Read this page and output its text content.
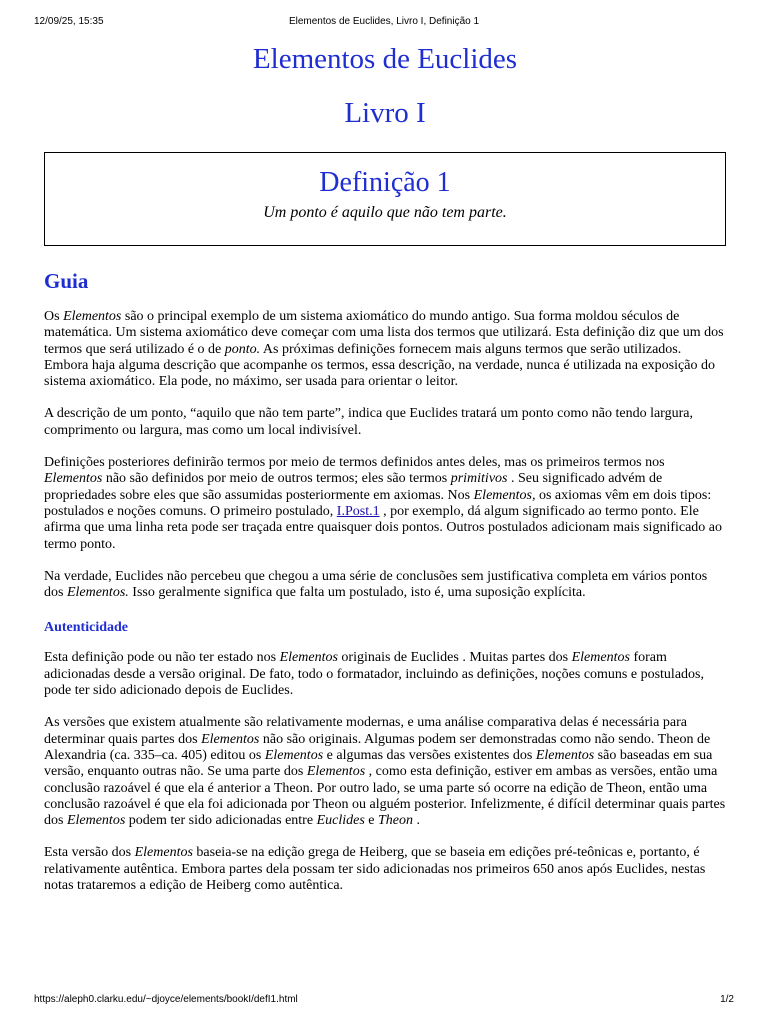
12/09/25, 15:35	Elementos de Euclides, Livro I, Definição 1
Elementos de Euclides
Livro I
Definição 1
Um ponto é aquilo que não tem parte.
Guia

Os Elementos são o principal exemplo de um sistema axiomático do mundo antigo. Sua forma moldou séculos de matemática. Um sistema axiomático deve começar com uma lista dos termos que utilizará. Esta definição diz que um dos termos que será utilizado é o de ponto. As próximas definições fornecem mais alguns termos que serão utilizados. Embora haja alguma descrição que acompanhe os termos, essa descrição, na verdade, nunca é utilizada na exposição do sistema axiomático. Ela pode, no máximo, ser usada para orientar o leitor.

A descrição de um ponto, “aquilo que não tem parte”, indica que Euclides tratará um ponto como não tendo largura, comprimento ou largura, mas como um local indivisível.

Definições posteriores definirão termos por meio de termos definidos antes deles, mas os primeiros termos nos Elementos não são definidos por meio de outros termos; eles são termos primitivos . Seu significado advém de propriedades sobre eles que são assumidas posteriormente em axiomas. Nos Elementos, os axiomas vêm em dois tipos: postulados e noções comuns. O primeiro postulado, I.Post.1 , por exemplo, dá algum significado ao termo ponto. Ele afirma que uma linha reta pode ser traçada entre quaisquer dois pontos. Outros postulados adicionam mais significado ao termo ponto.

Na verdade, Euclides não percebeu que chegou a uma série de conclusões sem justificativa completa em vários pontos dos Elementos. Isso geralmente significa que falta um postulado, isto é, uma suposição explícita.

Autenticidade

Esta definição pode ou não ter estado nos Elementos originais de Euclides . Muitas partes dos Elementos foram adicionadas desde a versão original. De fato, todo o formatador, incluindo as definições, noções comuns e postulados, pode ter sido adicionado depois de Euclides.

As versões que existem atualmente são relativamente modernas, e uma análise comparativa delas é necessária para determinar quais partes dos Elementos não são originais. Algumas podem ser demonstradas como não sendo. Theon de Alexandria (ca. 335–ca. 405) editou os Elementos e algumas das versões existentes dos Elementos são baseadas em sua versão, enquanto outras não. Se uma parte dos Elementos , como esta definição, estiver em ambas as versões, então uma conclusão razoável é que ela é anterior a Theon. Por outro lado, se uma parte só ocorre na edição de Theon, então uma conclusão razoável é que ela foi adicionada por Theon ou alguém posterior. Infelizmente, é difícil determinar quais partes dos Elementos podem ter sido adicionadas entre Euclides e Theon .

Esta versão dos Elementos baseia-se na edição grega de Heiberg, que se baseia em edições pré-teônicas e, portanto, é relativamente autêntica. Embora partes dela possam ter sido adicionadas nos primeiros 650 anos após Euclides, nestas notas trataremos a edição de Heiberg como autêntica.

https://aleph0.clarku.edu/~djoyce/elements/bookI/defI1.html	1/2
